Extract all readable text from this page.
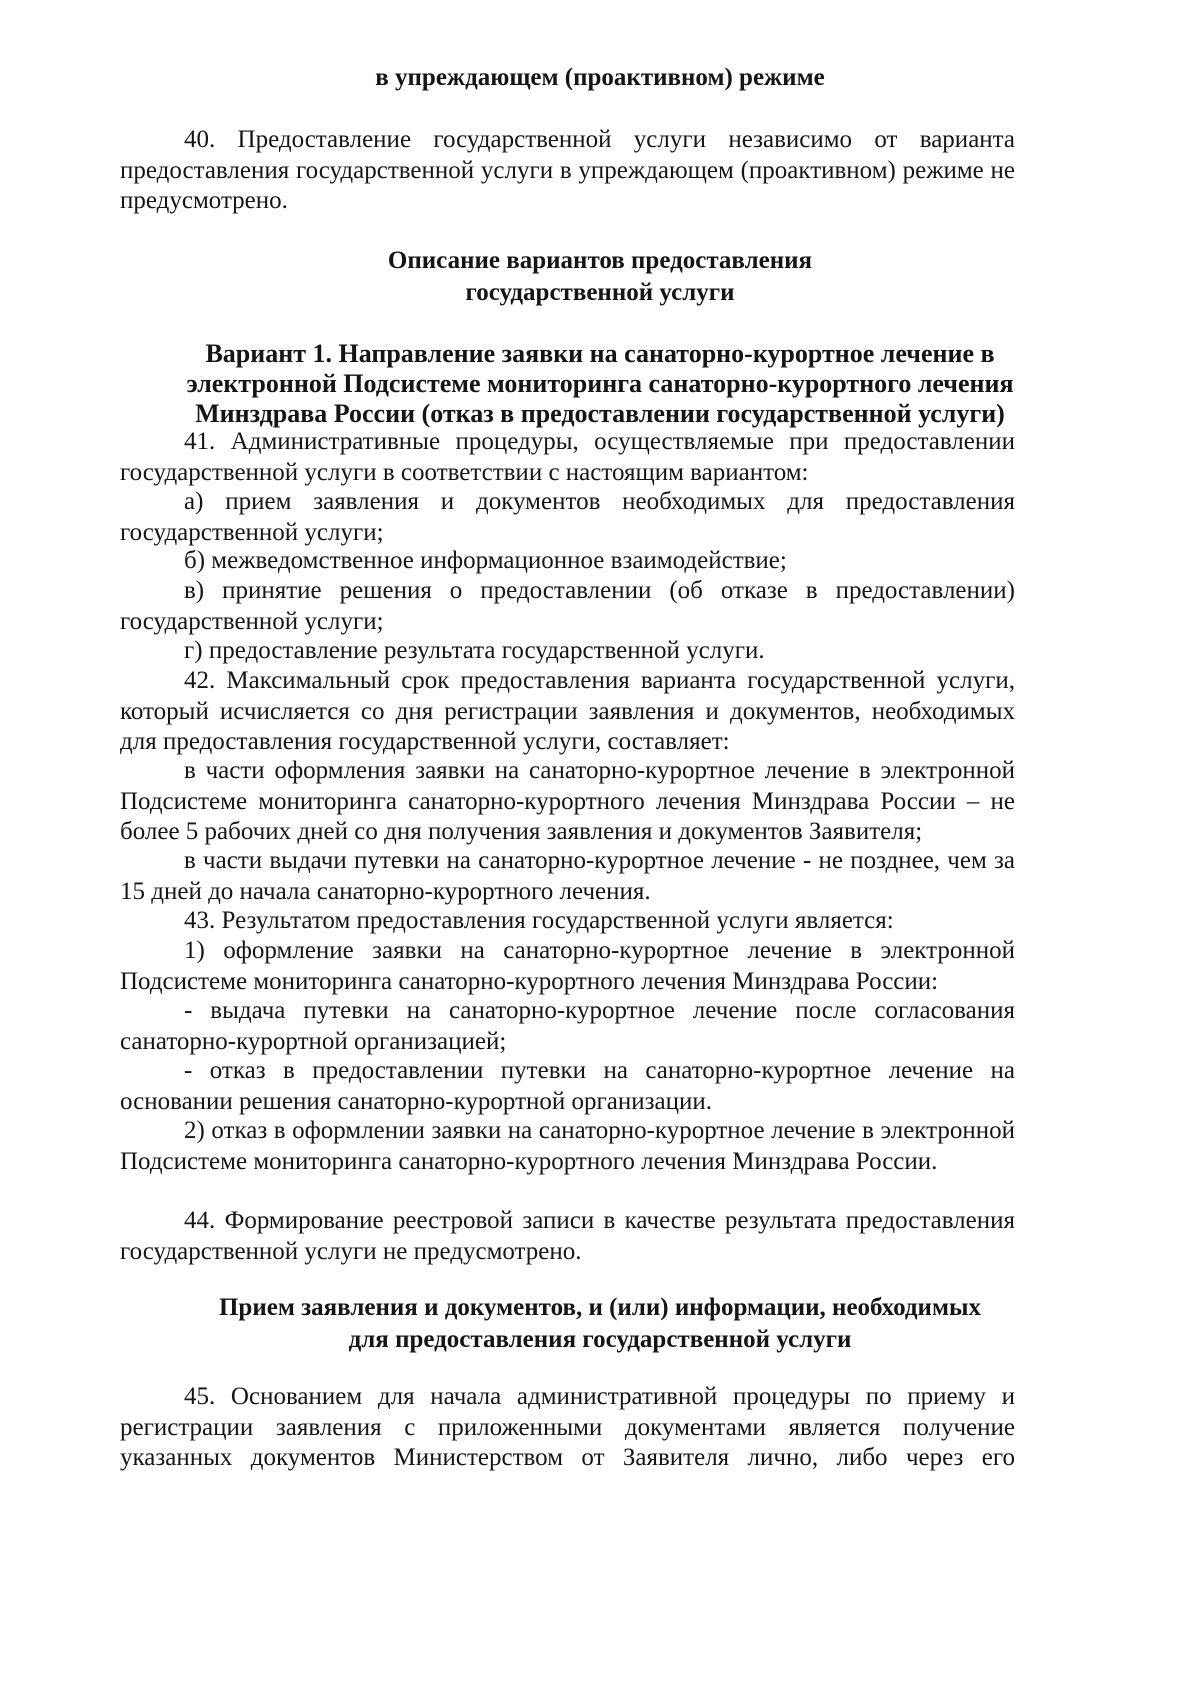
в упреждающем (проактивном) режиме

40. Предоставление государственной услуги независимо от варианта предоставления государственной услуги в упреждающем (проактивном) режиме не предусмотрено.

Описание вариантов предоставления

государственной услуги

Вариант 1. Направление заявки на санаторно-курортное лечение в

электронной Подсистеме мониторинга санаторно-курортного лечения

Минздрава России (отказ в предоставлении государственной услуги)

41. Административные процедуры, осуществляемые при предоставлении государственной услуги в соответствии с настоящим вариантом:

а) прием заявления и документов необходимых для предоставления государственной услуги;

б) межведомственное информационное взаимодействие;

в) принятие решения о предоставлении (об отказе в предоставлении) государственной услуги;

г) предоставление результата государственной услуги.

42. Максимальный срок предоставления варианта государственной услуги, который исчисляется со дня регистрации заявления и документов, необходимых для предоставления государственной услуги, составляет:

в части оформления заявки на санаторно-курортное лечение в электронной Подсистеме мониторинга санаторно-курортного лечения Минздрава России – не более 5 рабочих дней со дня получения заявления и документов Заявителя;

в части выдачи путевки на санаторно-курортное лечение - не позднее, чем за 15 дней до начала санаторно-курортного лечения.

43. Результатом предоставления государственной услуги является:

1) оформление заявки на санаторно-курортное лечение в электронной Подсистеме мониторинга санаторно-курортного лечения Минздрава России:

- выдача путевки на санаторно-курортное лечение после согласования санаторно-курортной организацией;

- отказ в предоставлении путевки на санаторно-курортное лечение на основании решения санаторно-курортной организации.

2) отказ в оформлении заявки на санаторно-курортное лечение в электронной Подсистеме мониторинга санаторно-курортного лечения Минздрава России.

44. Формирование реестровой записи в качестве результата предоставления государственной услуги не предусмотрено.

Прием заявления и документов, и (или) информации, необходимых

для предоставления государственной услуги

45. Основанием для начала административной процедуры по приему и регистрации заявления с приложенными документами является получение указанных документов Министерством от Заявителя лично, либо через его
